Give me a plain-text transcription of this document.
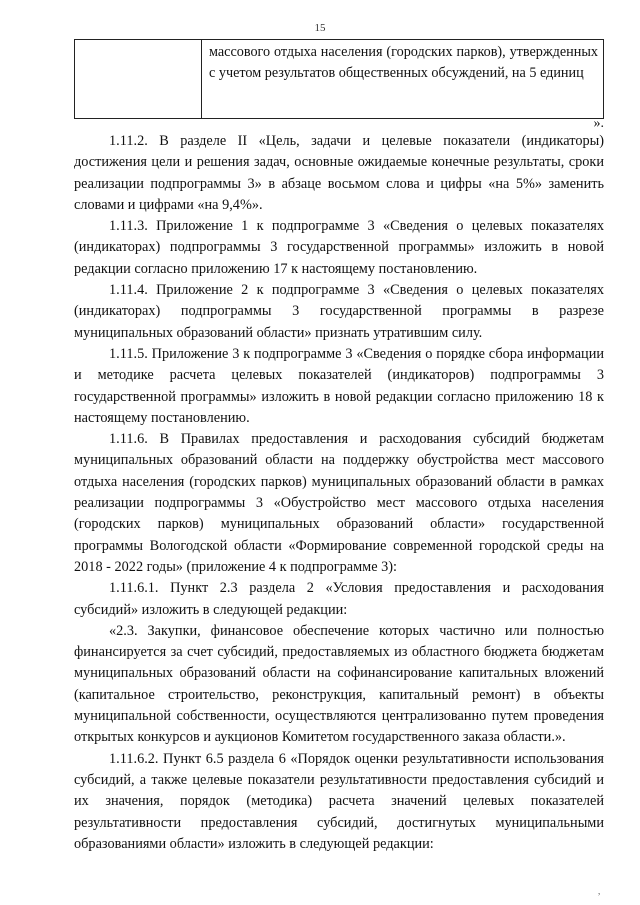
15
	массового отдыха населения (городских парков), утвержденных с учетом результатов общественных обсуждений, на 5 единиц
».

1.11.2. В разделе II «Цель, задачи и целевые показатели (индикаторы) достижения цели и решения задач, основные ожидаемые конечные результаты, сроки реализации подпрограммы 3» в абзаце восьмом слова и цифры «на 5%» заменить словами и цифрами «на 9,4%».

1.11.3. Приложение 1 к подпрограмме 3 «Сведения о целевых показателях (индикаторах) подпрограммы 3 государственной программы» изложить в новой редакции согласно приложению 17 к настоящему постановлению.

1.11.4. Приложение 2 к подпрограмме 3 «Сведения о целевых показателях (индикаторах) подпрограммы 3 государственной программы в разрезе муниципальных образований области» признать утратившим силу.

1.11.5. Приложение 3 к подпрограмме 3 «Сведения о порядке сбора информации и методике расчета целевых показателей (индикаторов) подпрограммы 3 государственной программы» изложить в новой редакции согласно приложению 18 к настоящему постановлению.

1.11.6. В Правилах предоставления и расходования субсидий бюджетам муниципальных образований области на поддержку обустройства мест массового отдыха населения (городских парков) муниципальных образований области в рамках реализации подпрограммы 3 «Обустройство мест массового отдыха населения (городских парков) муниципальных образований области» государственной программы Вологодской области «Формирование современной городской среды на 2018 - 2022 годы» (приложение 4 к подпрограмме 3):

1.11.6.1. Пункт 2.3 раздела 2 «Условия предоставления и расходования субсидий» изложить в следующей редакции:

«2.3. Закупки, финансовое обеспечение которых частично или полностью финансируется за счет субсидий, предоставляемых из областного бюджета бюджетам муниципальных образований области на софинансирование капитальных вложений (капитальное строительство, реконструкция, капитальный ремонт) в объекты муниципальной собственности, осуществляются централизованно путем проведения открытых конкурсов и аукционов Комитетом государственного заказа области.».

1.11.6.2. Пункт 6.5 раздела 6 «Порядок оценки результативности использования субсидий, а также целевые показатели результативности предоставления субсидий и их значения, порядок (методика) расчета значений целевых показателей результативности предоставления субсидий, достигнутых муниципальными образованиями области» изложить в следующей редакции:

,
